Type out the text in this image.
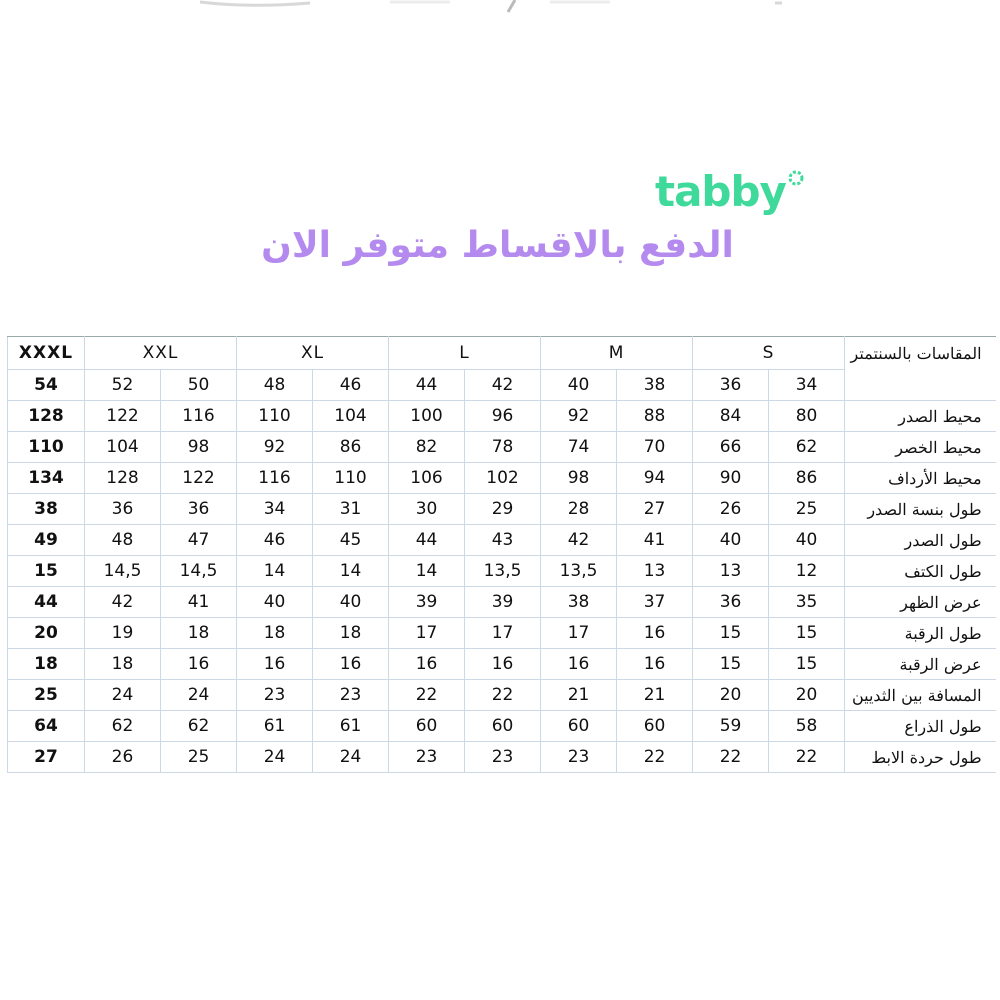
tabby
الدفع بالاقساط متوفر الان
XXXL	XXL		XL		L		M		S		المقاسات بالسنتمتر
54	52	50	48	46	44	42	40	38	36	34	
128	122	116	110	104	100	96	92	88	84	80	محيط الصدر
110	104	98	92	86	82	78	74	70	66	62	محيط الخصر
134	128	122	116	110	106	102	98	94	90	86	محيط الأرداف
38	36	36	34	31	30	29	28	27	26	25	طول بنسة الصدر
49	48	47	46	45	44	43	42	41	40	40	طول الصدر
15	14,5	14,5	14	14	14	13,5	13,5	13	13	12	طول الكتف
44	42	41	40	40	39	39	38	37	36	35	عرض الظهر
20	19	18	18	18	17	17	17	16	15	15	طول الرقبة
18	18	16	16	16	16	16	16	16	15	15	عرض الرقبة
25	24	24	23	23	22	22	21	21	20	20	المسافة بين الثديين
64	62	62	61	61	60	60	60	60	59	58	طول الذراع
27	26	25	24	24	23	23	23	22	22	22	طول حردة الابط
